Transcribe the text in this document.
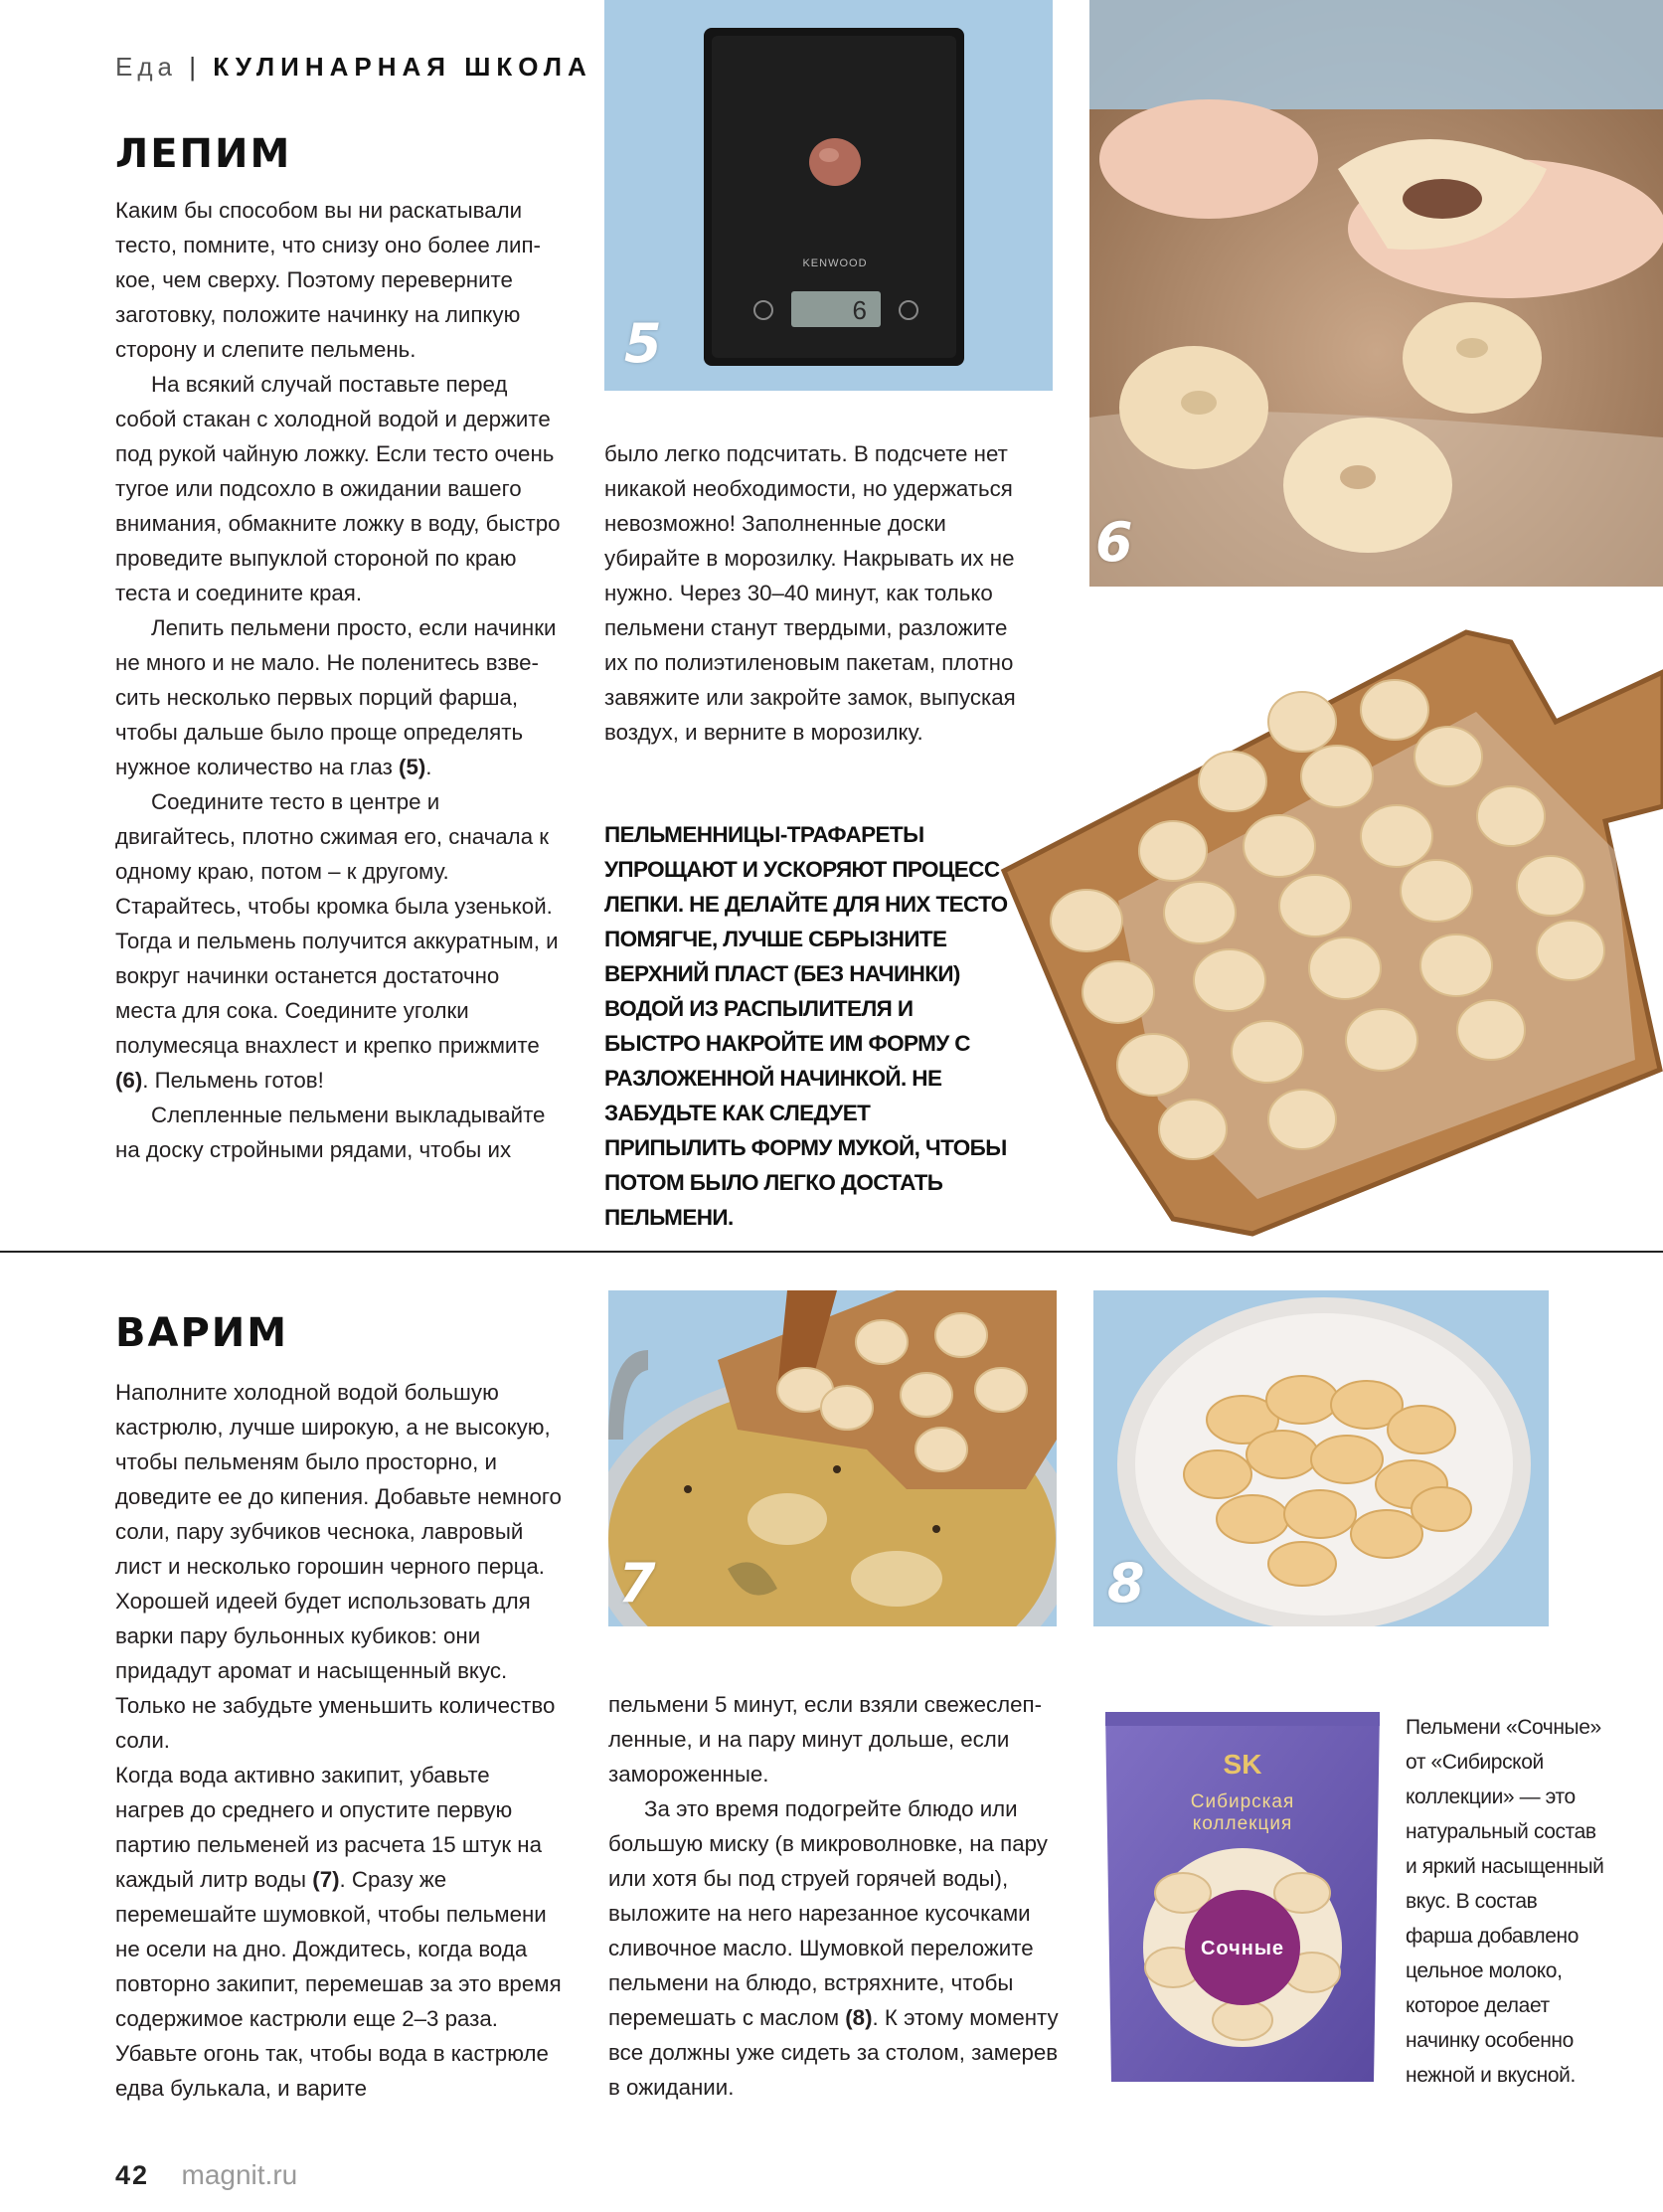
Еда | КУЛИНАРНАЯ ШКОЛА
ЛЕПИМ

Каким бы способом вы ни раскатывали тесто, помните, что снизу оно более липкое, чем сверху. Поэтому переверните заготовку, положите начинку на липкую сторону и слепите пельмень.

На всякий случай поставьте перед собой стакан с холодной водой и держите под рукой чайную ложку. Если тесто очень тугое или подсохло в ожидании вашего внимания, обмакните ложку в воду, быстро проведите выпуклой стороной по краю теста и соедините края.

Лепить пельмени просто, если начинки не много и не мало. Не поленитесь взвесить несколько первых порций фарша, чтобы дальше было проще определять нужное количество на глаз (5).

Соедините тесто в центре и двигайтесь, плотно сжимая его, сначала к одному краю, потом – к другому. Старайтесь, чтобы кромка была узенькой. Тогда и пельмень получится аккуратным, и вокруг начинки останется достаточно места для сока. Соедините уголки полумесяца внахлест и крепко прижмите (6). Пельмень готов!

Слепленные пельмени выкладывайте на доску стройными рядами, чтобы их

было легко подсчитать. В подсчете нет никакой необходимости, но удержаться невозможно! Заполненные доски убирайте в морозилку. Накрывать их не нужно. Через 30–40 минут, как только пельмени станут твердыми, разложите их по полиэтиленовым пакетам, плотно завяжите или закройте замок, выпуская воздух, и верните в морозилку.

ПЕЛЬМЕННИЦЫ-ТРАФАРЕТЫ УПРОЩАЮТ И УСКОРЯЮТ ПРОЦЕСС ЛЕПКИ. НЕ ДЕЛАЙТЕ ДЛЯ НИХ ТЕСТО ПОМЯГЧЕ, ЛУЧШЕ СБРЫЗНИТЕ ВЕРХНИЙ ПЛАСТ (БЕЗ НАЧИНКИ) ВОДОЙ ИЗ РАСПЫЛИТЕЛЯ И БЫСТРО НАКРОЙТЕ ИМ ФОРМУ С РАЗЛОЖЕННОЙ НАЧИНКОЙ. НЕ ЗАБУДЬТЕ КАК СЛЕДУЕТ ПРИПЫЛИТЬ ФОРМУ МУКОЙ, ЧТОБЫ ПОТОМ БЫЛО ЛЕГКО ДОСТАТЬ ПЕЛЬМЕНИ.
KENWOOD
6
5
6
ВАРИМ

Наполните холодной водой большую кастрюлю, лучше широкую, а не высокую, чтобы пельменям было просторно, и доведите ее до кипения. Добавьте немного соли, пару зубчиков чеснока, лавровый лист и несколько горошин черного перца. Хорошей идеей будет использовать для варки пару бульонных кубиков: они придадут аромат и насыщенный вкус. Только не забудьте уменьшить количество соли.

Когда вода активно закипит, убавьте нагрев до среднего и опустите первую партию пельменей из расчета 15 штук на каждый литр воды (7). Сразу же перемешайте шумовкой, чтобы пельмени не осели на дно. Дождитесь, когда вода повторно закипит, перемешав за это время содержимое кастрюли еще 2–3 раза. Убавьте огонь так, чтобы вода в кастрюле едва булькала, и варите

пельмени 5 минут, если взяли свежеслепленные, и на пару минут дольше, если замороженные.

За это время подогрейте блюдо или большую миску (в микроволновке, на пару или хотя бы под струей горячей воды), выложите на него нарезанное кусочками сливочное масло. Шумовкой переложите пельмени на блюдо, встряхните, чтобы перемешать с маслом (8). К этому моменту все должны уже сидеть за столом, замерев в ожидании.

7	8
SK
Сибирская
коллекция
Сочные
Пельмени «Сочные» от «Сибирской коллекции» — это натуральный состав и яркий насыщенный вкус. В состав фарша добавлено цельное молоко, которое делает начинку особенно нежной и вкусной.
42 magnit.ru
